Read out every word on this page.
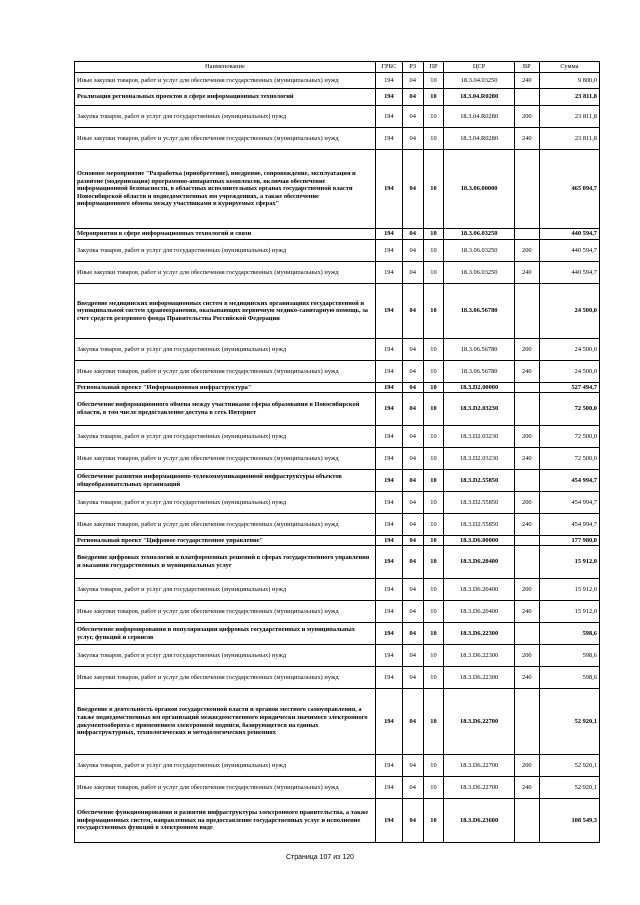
Наименование	ГРБС	РЗ	ПР	ЦСР	ВР	Сумма
Иные закупки товаров, работ и услуг для обеспечения государственных (муниципальных) нужд	194	04	10	18.3.04.03250	240	9 800,0
Реализация региональных проектов в сфере информационных технологий	194	04	10	18.3.04.R0280		23 811,8
Закупка товаров, работ и услуг для государственных (муниципальных) нужд	194	04	10	18.3.04.R0280	200	23 811,8
Иные закупки товаров, работ и услуг для обеспечения государственных (муниципальных) нужд	194	04	10	18.3.04.R0280	240	23 811,8
Основное мероприятие "Разработка (приобретение), внедрение, сопровождение, эксплуатация и развитие (модернизация) программно-аппаратных комплексов, включая обеспечение информационной безопасности, в областных исполнительных органах государственной власти Новосибирской области и подведомственных им учреждениях, а также обеспечение информационного обмена между участниками в курируемых сферах"	194	04	10	18.3.06.00000		465 094,7
Мероприятия в сфере информационных технологий и связи	194	04	10	18.3.06.03250		440 594,7
Закупка товаров, работ и услуг для государственных (муниципальных) нужд	194	04	10	18.3.06.03250	200	440 594,7
Иные закупки товаров, работ и услуг для обеспечения государственных (муниципальных) нужд	194	04	10	18.3.06.03250	240	440 594,7
Внедрение медицинских информационных систем в медицинских организациях государственной и муниципальной систем здравоохранения, оказывающих первичную медико-санитарную помощь, за счет средств резервного фонда Правительства Российской Федерации	194	04	10	18.3.06.56780		24 500,0
Закупка товаров, работ и услуг для государственных (муниципальных) нужд	194	04	10	18.3.06.56780	200	24 500,0
Иные закупки товаров, работ и услуг для обеспечения государственных (муниципальных) нужд	194	04	10	18.3.06.56780	240	24 500,0
Региональный проект "Информационная инфраструктура"	194	04	10	18.3.D2.00000		527 494,7
Обеспечение информационного обмена между участниками сферы образования в Новосибирской области, в том числе предоставление доступа в сеть Интернет	194	04	10	18.3.D2.03230		72 500,0
Закупка товаров, работ и услуг для государственных (муниципальных) нужд	194	04	10	18.3.D2.03230	200	72 500,0
Иные закупки товаров, работ и услуг для обеспечения государственных (муниципальных) нужд	194	04	10	18.3.D2.03230	240	72 500,0
Обеспечение развития информационно-телекоммуникационной инфраструктуры объектов общеобразовательных организаций	194	04	10	18.3.D2.55850		454 994,7
Закупка товаров, работ и услуг для государственных (муниципальных) нужд	194	04	10	18.3.D2.55850	200	454 994,7
Иные закупки товаров, работ и услуг для обеспечения государственных (муниципальных) нужд	194	04	10	18.3.D2.55850	240	454 994,7
Региональный проект "Цифровое государственное управление"	194	04	10	18.3.D6.00000		177 980,0
Внедрение цифровых технологий и платформенных решений в сферах государственного управления и оказания государственных и муниципальных услуг	194	04	10	18.3.D6.20400		15 912,0
Закупка товаров, работ и услуг для государственных (муниципальных) нужд	194	04	10	18.3.D6.20400	200	15 912,0
Иные закупки товаров, работ и услуг для обеспечения государственных (муниципальных) нужд	194	04	10	18.3.D6.20400	240	15 912,0
Обеспечение информирования и популяризации цифровых государственных и муниципальных услуг, функций и сервисов	194	04	10	18.3.D6.22300		598,6
Закупка товаров, работ и услуг для государственных (муниципальных) нужд	194	04	10	18.3.D6.22300	200	598,6
Иные закупки товаров, работ и услуг для обеспечения государственных (муниципальных) нужд	194	04	10	18.3.D6.22300	240	598,6
Внедрение в деятельность органов государственной власти и органов местного самоуправления, а также подведомственных им организаций межведомственного юридически значимого электронного документооборота с применением электронной подписи, базирующегося на единых инфраструктурных, технологических и методологических решениях	194	04	10	18.3.D6.22700		52 920,1
Закупка товаров, работ и услуг для государственных (муниципальных) нужд	194	04	10	18.3.D6.22700	200	52 920,1
Иные закупки товаров, работ и услуг для обеспечения государственных (муниципальных) нужд	194	04	10	18.3.D6.22700	240	52 920,1
Обеспечение функционирования и развития инфраструктуры электронного правительства, а также информационных систем, направленных на предоставление государственных услуг и исполнение государственных функций в электронном виде	194	04	10	18.3.D6.23600		108 549,3
Страница 107 из 120
